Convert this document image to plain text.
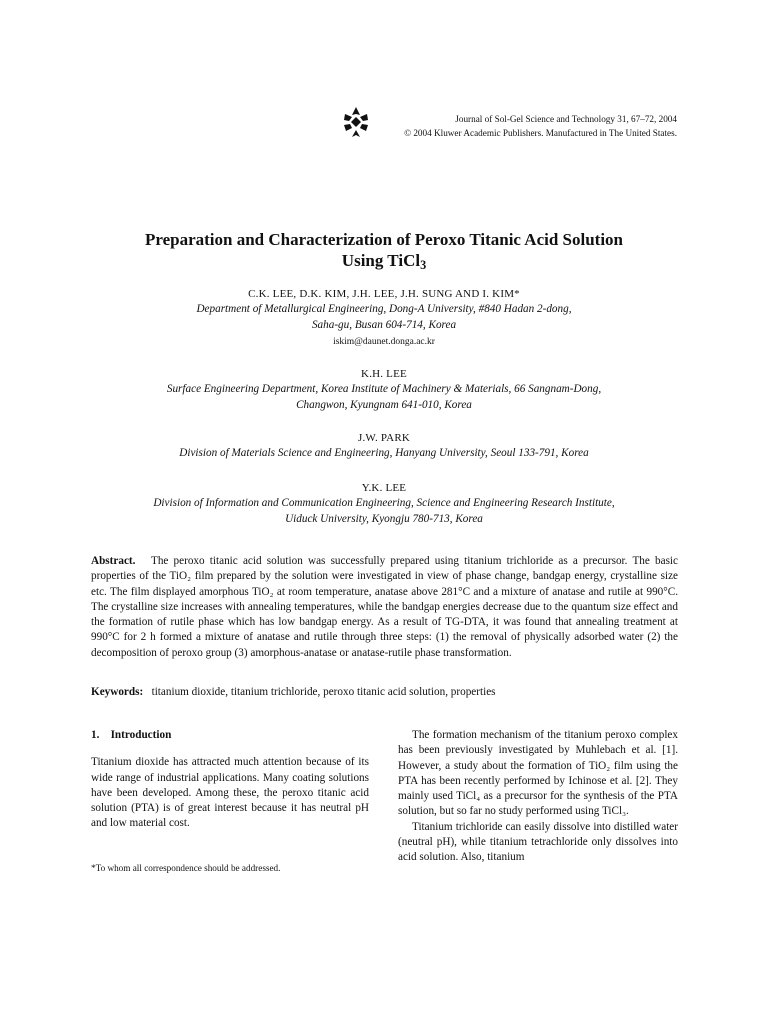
Journal of Sol-Gel Science and Technology 31, 67–72, 2004
© 2004 Kluwer Academic Publishers. Manufactured in The United States.
Preparation and Characterization of Peroxo Titanic Acid Solution
Using TiCl$_3$
C.K. LEE, D.K. KIM, J.H. LEE, J.H. SUNG AND I. KIM*
Department of Metallurgical Engineering, Dong-A University, #840 Hadan 2-dong,
Saha-gu, Busan 604-714, Korea
iskim@daunet.donga.ac.kr
K.H. LEE
Surface Engineering Department, Korea Institute of Machinery & Materials, 66 Sangnam-Dong,
Changwon, Kyungnam 641-010, Korea
J.W. PARK
Division of Materials Science and Engineering, Hanyang University, Seoul 133-791, Korea
Y.K. LEE
Division of Information and Communication Engineering, Science and Engineering Research Institute,
Uiduck University, Kyongju 780-713, Korea
Abstract. The peroxo titanic acid solution was successfully prepared using titanium trichloride as a precursor. The basic properties of the TiO₂ film prepared by the solution were investigated in view of phase change, bandgap energy, crystalline size etc. The film displayed amorphous TiO₂ at room temperature, anatase above 281°C and a mixture of anatase and rutile at 990°C. The crystalline size increases with annealing temperatures, while the bandgap energies decrease due to the quantum size effect and the formation of rutile phase which has low bandgap energy. As a result of TG-DTA, it was found that annealing treatment at 990°C for 2 h formed a mixture of anatase and rutile through three steps: (1) the removal of physically adsorbed water (2) the decomposition of peroxo group (3) amorphous-anatase or anatase-rutile phase transformation.
Keywords: titanium dioxide, titanium trichloride, peroxo titanic acid solution, properties
1.    Introduction

Titanium dioxide has attracted much attention because of its wide range of industrial applications. Many coating solutions have been developed. Among these, the peroxo titanic acid solution (PTA) is of great interest because it has neutral pH and low material cost.

*To whom all correspondence should be addressed.

The formation mechanism of the titanium peroxo complex has been previously investigated by Muhlebach et al. [1]. However, a study about the formation of TiO₂ film using the PTA has been recently performed by Ichinose et al. [2]. They mainly used TiCl₄ as a precursor for the synthesis of the PTA solution, but so far no study performed using TiCl₃.

Titanium trichloride can easily dissolve into distilled water (neutral pH), while titanium tetrachloride only dissolves into acid solution. Also, titanium
